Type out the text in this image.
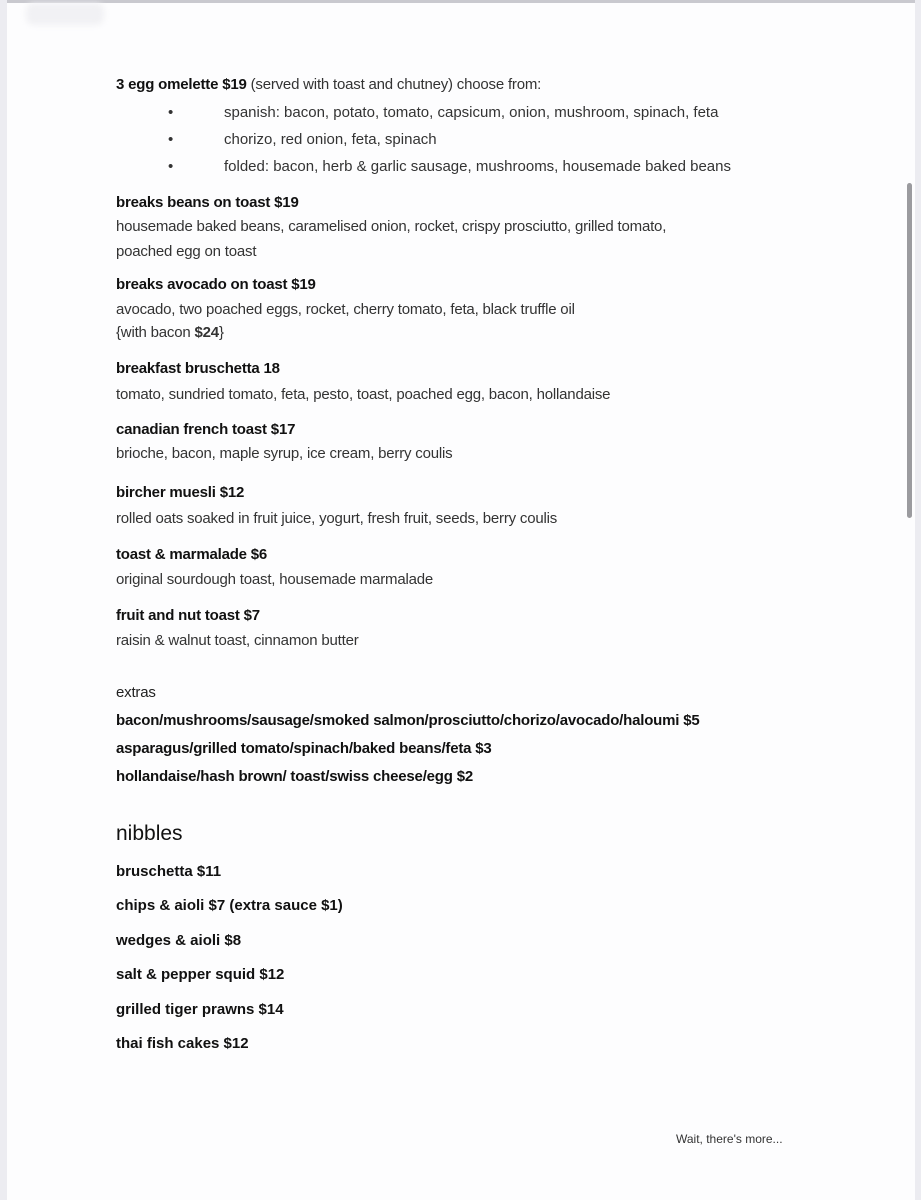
3 egg omelette $19 (served with toast and chutney) choose from:
•	spanish: bacon, potato, tomato, capsicum, onion, mushroom, spinach, feta
•	chorizo, red onion, feta, spinach
•	folded: bacon, herb & garlic sausage, mushrooms, housemade baked beans
breaks beans on toast $19
housemade baked beans, caramelised onion, rocket, crispy prosciutto, grilled tomato,
poached egg on toast
breaks avocado on toast $19
avocado, two poached eggs, rocket, cherry tomato, feta, black truffle oil
{with bacon $24}
breakfast bruschetta 18
tomato, sundried tomato, feta, pesto, toast, poached egg, bacon, hollandaise
canadian french toast $17
brioche, bacon, maple syrup, ice cream, berry coulis
bircher muesli $12
rolled oats soaked in fruit juice, yogurt, fresh fruit, seeds, berry coulis
toast & marmalade $6
original sourdough toast, housemade marmalade
fruit and nut toast $7
raisin & walnut toast, cinnamon butter
extras
bacon/mushrooms/sausage/smoked salmon/prosciutto/chorizo/avocado/haloumi $5
asparagus/grilled tomato/spinach/baked beans/feta $3
hollandaise/hash brown/ toast/swiss cheese/egg $2
nibbles
bruschetta $11
chips & aioli $7 (extra sauce $1)
wedges & aioli $8
salt & pepper squid $12
grilled tiger prawns $14
thai fish cakes $12
Wait, there's more...
